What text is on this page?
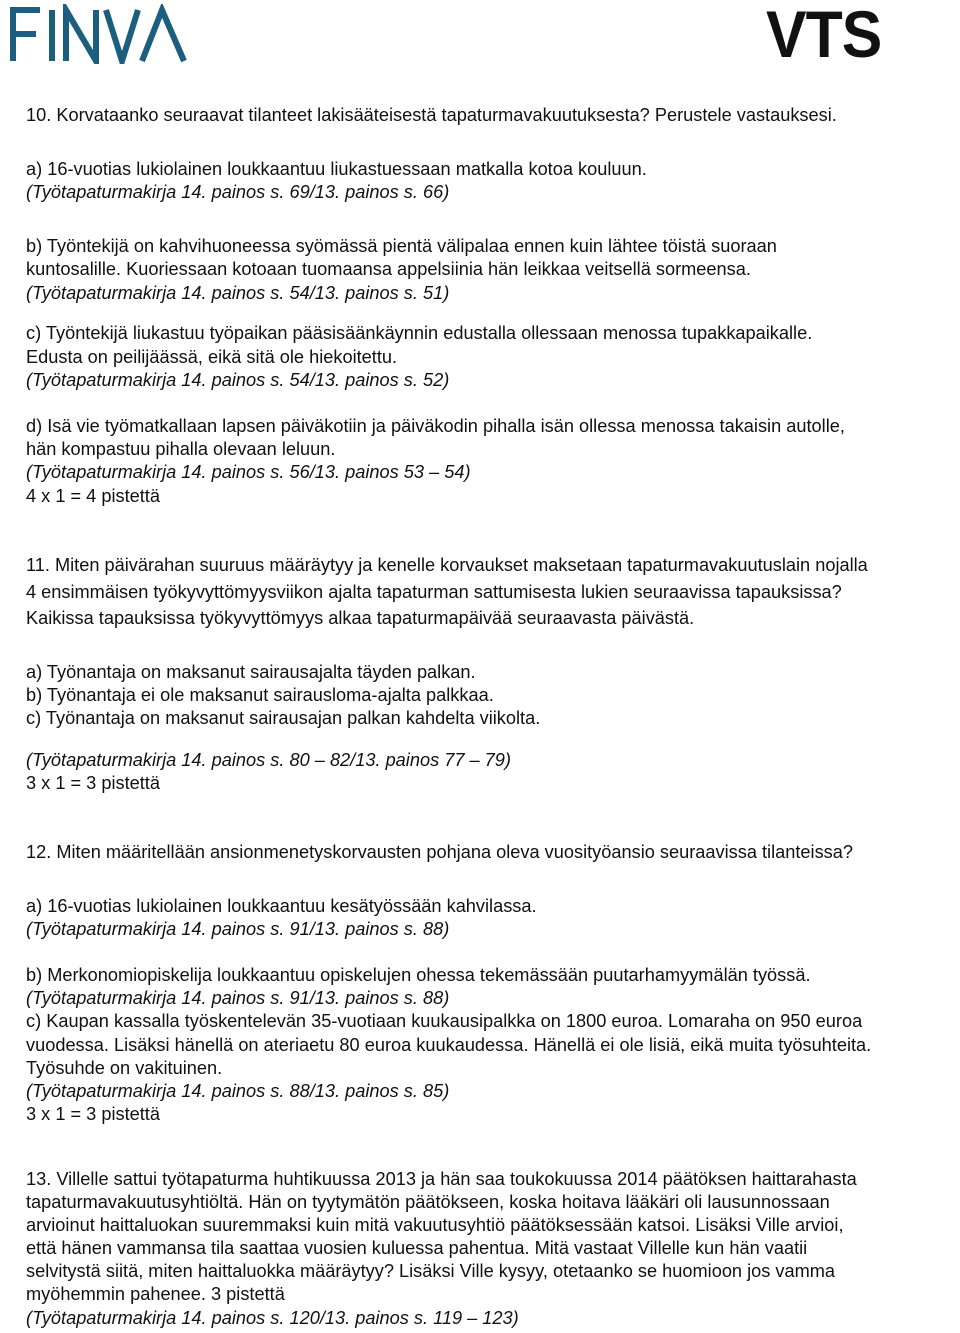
VTS
10. Korvataanko seuraavat tilanteet lakisääteisestä tapaturmavakuutuksesta? Perustele vastauksesi.
a) 16-vuotias lukiolainen loukkaantuu liukastuessaan matkalla kotoa kouluun.
(Työtapaturmakirja 14. painos s. 69/13. painos s. 66)
b) Työntekijä on kahvihuoneessa syömässä pientä välipalaa ennen kuin lähtee töistä suoraan
kuntosalille. Kuoriessaan kotoaan tuomaansa appelsiinia hän leikkaa veitsellä sormeensa.
(Työtapaturmakirja 14. painos s. 54/13. painos s. 51)
c) Työntekijä liukastuu työpaikan pääsisäänkäynnin edustalla ollessaan menossa tupakkapaikalle.
Edusta on peilijäässä, eikä sitä ole hiekoitettu.
(Työtapaturmakirja 14. painos s. 54/13. painos s. 52)
d) Isä vie työmatkallaan lapsen päiväkotiin ja päiväkodin pihalla isän ollessa menossa takaisin autolle,
hän kompastuu pihalla olevaan leluun.
(Työtapaturmakirja 14. painos s. 56/13. painos 53 – 54)
4 x 1 = 4 pistettä
11. Miten päivärahan suuruus määräytyy ja kenelle korvaukset maksetaan tapaturmavakuutuslain nojalla
4 ensimmäisen työkyvyttömyysviikon ajalta tapaturman sattumisesta lukien seuraavissa tapauksissa?
Kaikissa tapauksissa työkyvyttömyys alkaa tapaturmapäivää seuraavasta päivästä.
a) Työnantaja on maksanut sairausajalta täyden palkan.
b) Työnantaja ei ole maksanut sairausloma-ajalta palkkaa.
c) Työnantaja on maksanut sairausajan palkan kahdelta viikolta.
(Työtapaturmakirja 14. painos s. 80 – 82/13. painos 77 – 79)
3 x 1 = 3 pistettä
12. Miten määritellään ansionmenetyskorvausten pohjana oleva vuosityöansio seuraavissa tilanteissa?
a) 16-vuotias lukiolainen loukkaantuu kesätyössään kahvilassa.
(Työtapaturmakirja 14. painos s. 91/13. painos s. 88)
b) Merkonomiopiskelija loukkaantuu opiskelujen ohessa tekemässään puutarhamyymälän työssä.
(Työtapaturmakirja 14. painos s. 91/13. painos s. 88)
c) Kaupan kassalla työskentelevän 35-vuotiaan kuukausipalkka on 1800 euroa. Lomaraha on 950 euroa
vuodessa. Lisäksi hänellä on ateriaetu 80 euroa kuukaudessa. Hänellä ei ole lisiä, eikä muita työsuhteita.
Työsuhde on vakituinen.
(Työtapaturmakirja 14. painos s. 88/13. painos s. 85)
3 x 1 = 3 pistettä
13. Villelle sattui työtapaturma huhtikuussa 2013 ja hän saa toukokuussa 2014 päätöksen haittarahasta
tapaturmavakuutusyhtiöltä. Hän on tyytymätön päätökseen, koska hoitava lääkäri oli lausunnossaan
arvioinut haittaluokan suuremmaksi kuin mitä vakuutusyhtiö päätöksessään katsoi. Lisäksi Ville arvioi,
että hänen vammansa tila saattaa vuosien kuluessa pahentua. Mitä vastaat Villelle kun hän vaatii
selvitystä siitä, miten haittaluokka määräytyy? Lisäksi Ville kysyy, otetaanko se huomioon jos vamma
myöhemmin pahenee. 3 pistettä
(Työtapaturmakirja 14. painos s. 120/13. painos s. 119 – 123)
